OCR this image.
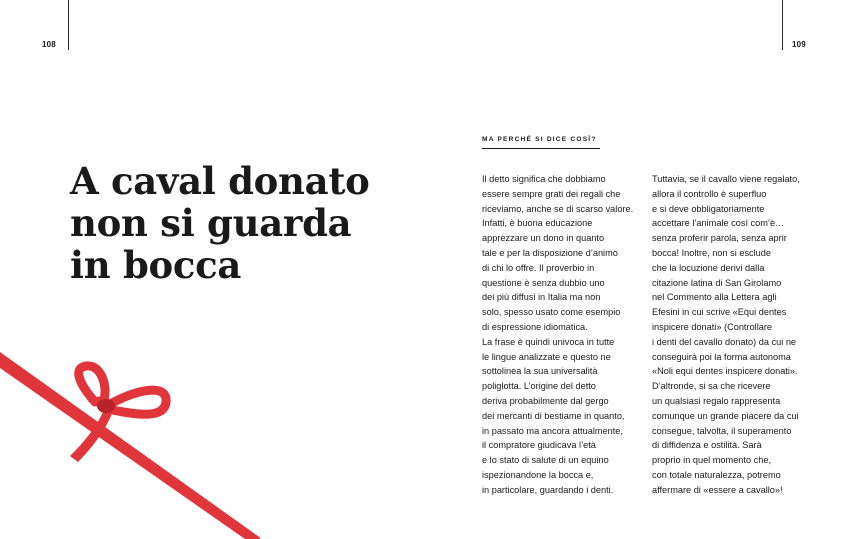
108	109
A caval donato
non si guarda
in bocca
MA PERCHÉ SI DICE COSÌ?
Il detto significa che dobbiamo
essere sempre grati dei regali che
riceviamo, anche se di scarso valore.
Infatti, è buona educazione
apprezzare un dono in quanto
tale e per la disposizione d’animo
di chi lo offre. Il proverbio in
questione è senza dubbio uno
dei più diffusi in Italia ma non
solo, spesso usato come esempio
di espressione idiomatica.
La frase è quindi univoca in tutte
le lingue analizzate e questo ne
sottolinea la sua universalità
poliglotta. L’origine del detto
deriva probabilmente dal gergo
dei mercanti di bestiame in quanto,
in passato ma ancora attualmente,
il compratore giudicava l’età
e lo stato di salute di un equino
ispezionandone la bocca e,
in particolare, guardando i denti.
Tuttavia, se il cavallo viene regalato,
allora il controllo è superfluo
e si deve obbligatoriamente
accettare l’animale così com’è…
senza proferir parola, senza aprir
bocca! Inoltre, non si esclude
che la locuzione derivi dalla
citazione latina di San Girolamo
nel Commento alla Lettera agli
Efesini in cui scrive «Equi dentes
inspicere donati» (Controllare
i denti del cavallo donato) da cui ne
conseguirà poi la forma autonoma
«Noli equi dentes inspicere donati».
D’altronde, si sa che ricevere
un qualsiasi regalo rappresenta
comunque un grande piacere da cui
consegue, talvolta, il superamento
di diffidenza e ostilità. Sarà
proprio in quel momento che,
con totale naturalezza, potremo
affermare di «essere a cavallo»!
